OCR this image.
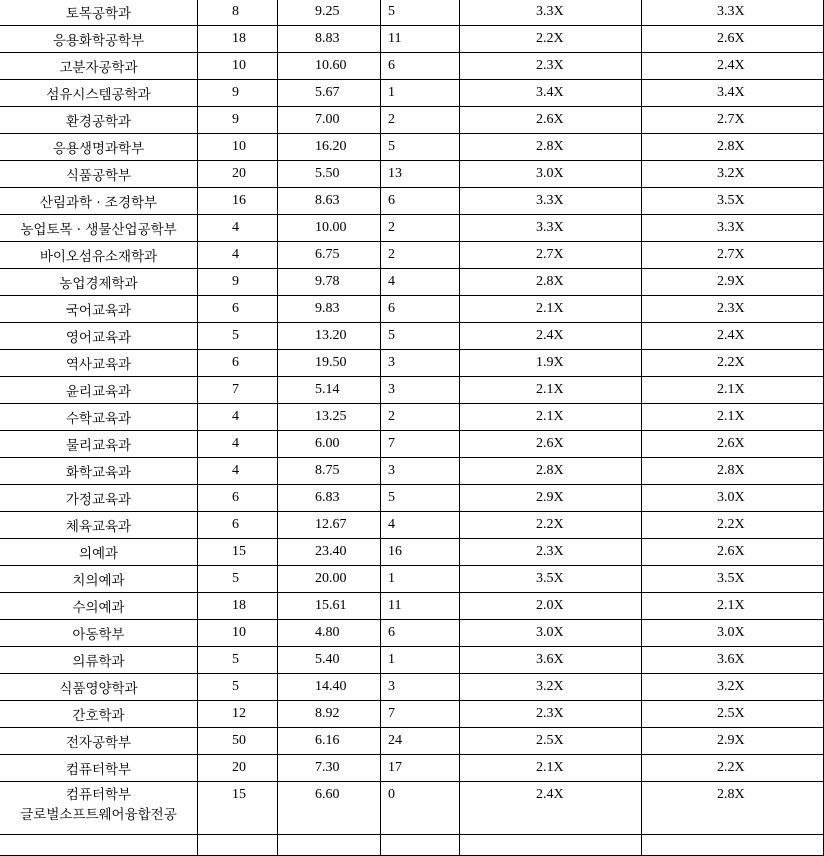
토목공학과	8	9.25	5	3.3X	3.3X
응용화학공학부	18	8.83	11	2.2X	2.6X
고분자공학과	10	10.60	6	2.3X	2.4X
섬유시스템공학과	9	5.67	1	3.4X	3.4X
환경공학과	9	7.00	2	2.6X	2.7X
응용생명과학부	10	16.20	5	2.8X	2.8X
식품공학부	20	5.50	13	3.0X	3.2X
산림과학 · 조경학부	16	8.63	6	3.3X	3.5X
농업토목 · 생물산업공학부	4	10.00	2	3.3X	3.3X
바이오섬유소재학과	4	6.75	2	2.7X	2.7X
농업경제학과	9	9.78	4	2.8X	2.9X
국어교육과	6	9.83	6	2.1X	2.3X
영어교육과	5	13.20	5	2.4X	2.4X
역사교육과	6	19.50	3	1.9X	2.2X
윤리교육과	7	5.14	3	2.1X	2.1X
수학교육과	4	13.25	2	2.1X	2.1X
물리교육과	4	6.00	7	2.6X	2.6X
화학교육과	4	8.75	3	2.8X	2.8X
가정교육과	6	6.83	5	2.9X	3.0X
체육교육과	6	12.67	4	2.2X	2.2X
의예과	15	23.40	16	2.3X	2.6X
치의예과	5	20.00	1	3.5X	3.5X
수의예과	18	15.61	11	2.0X	2.1X
아동학부	10	4.80	6	3.0X	3.0X
의류학과	5	5.40	1	3.6X	3.6X
식품영양학과	5	14.40	3	3.2X	3.2X
간호학과	12	8.92	7	2.3X	2.5X
전자공학부	50	6.16	24	2.5X	2.9X
컴퓨터학부	20	7.30	17	2.1X	2.2X

컴퓨터학부
글로벌소프트웨어융합전공	15	6.60	0	2.4X	2.8X
